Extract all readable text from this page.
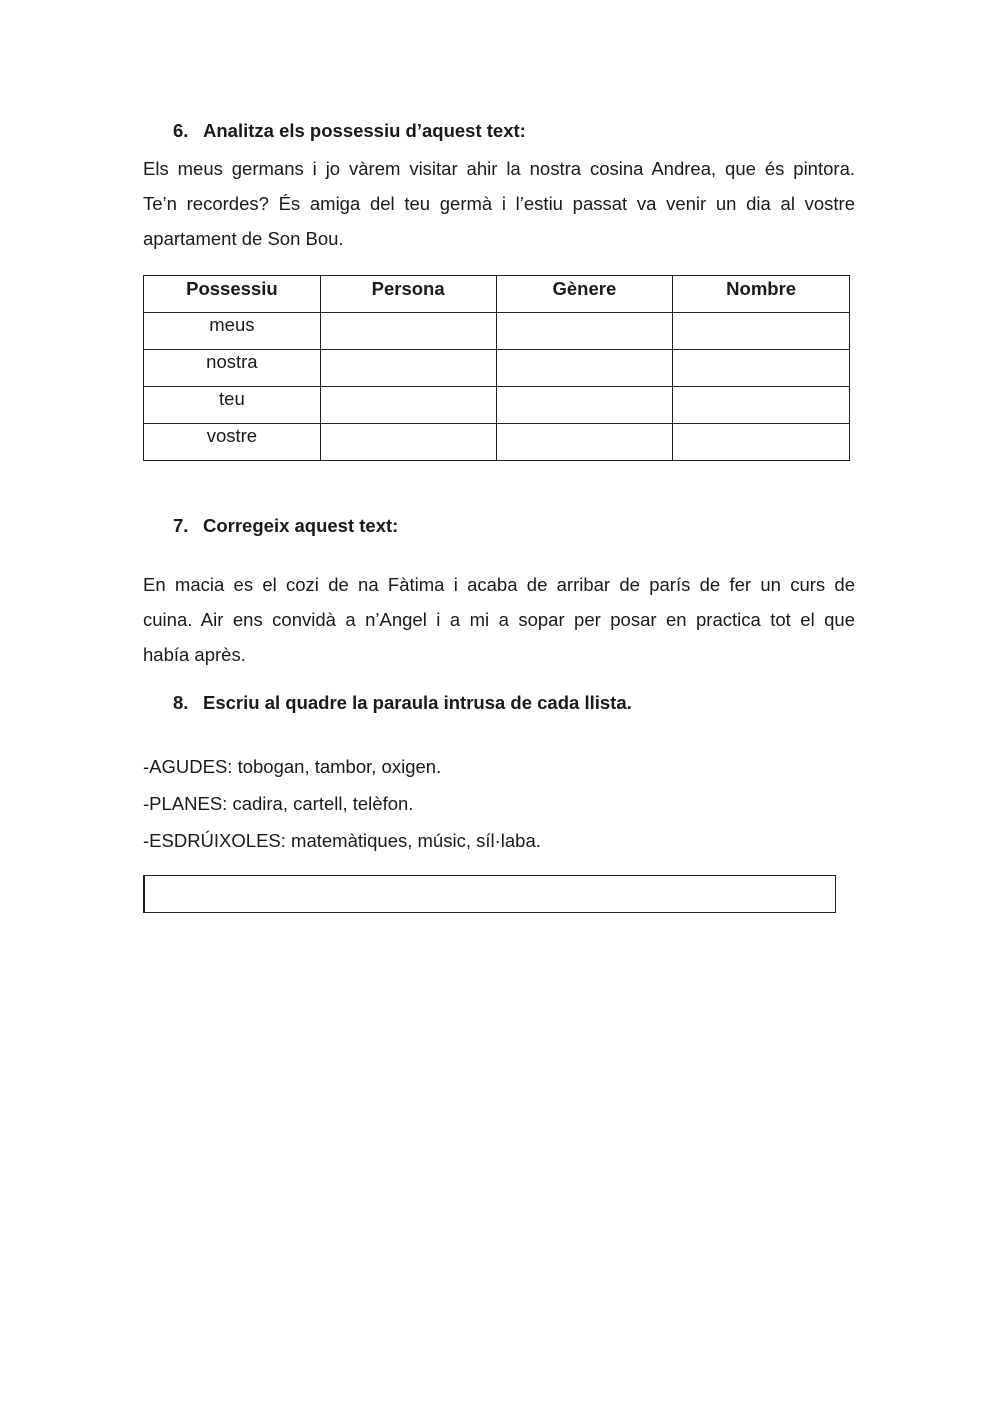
6. Analitza els possessiu d’aquest text:
Els meus germans i jo vàrem visitar ahir la nostra cosina Andrea, que és pintora.
Te’n recordes? És amiga del teu germà i l’estiu passat va venir un dia al vostre
apartament de Son Bou.
Possessiu	Persona	Gènere	Nombre
meus			
nostra			
teu			
vostre			
7. Corregeix aquest text:
En macia es el cozi de na Fàtima i acaba de arribar de parís de fer un curs de
cuina. Air ens convidà a n’Angel i a mi a sopar per posar en practica tot el que
había après.
8. Escriu al quadre la paraula intrusa de cada llista.
-AGUDES: tobogan, tambor, oxigen.
-PLANES: cadira, cartell, telèfon.
-ESDRÚIXOLES: matemàtiques, músic, síl·laba.
